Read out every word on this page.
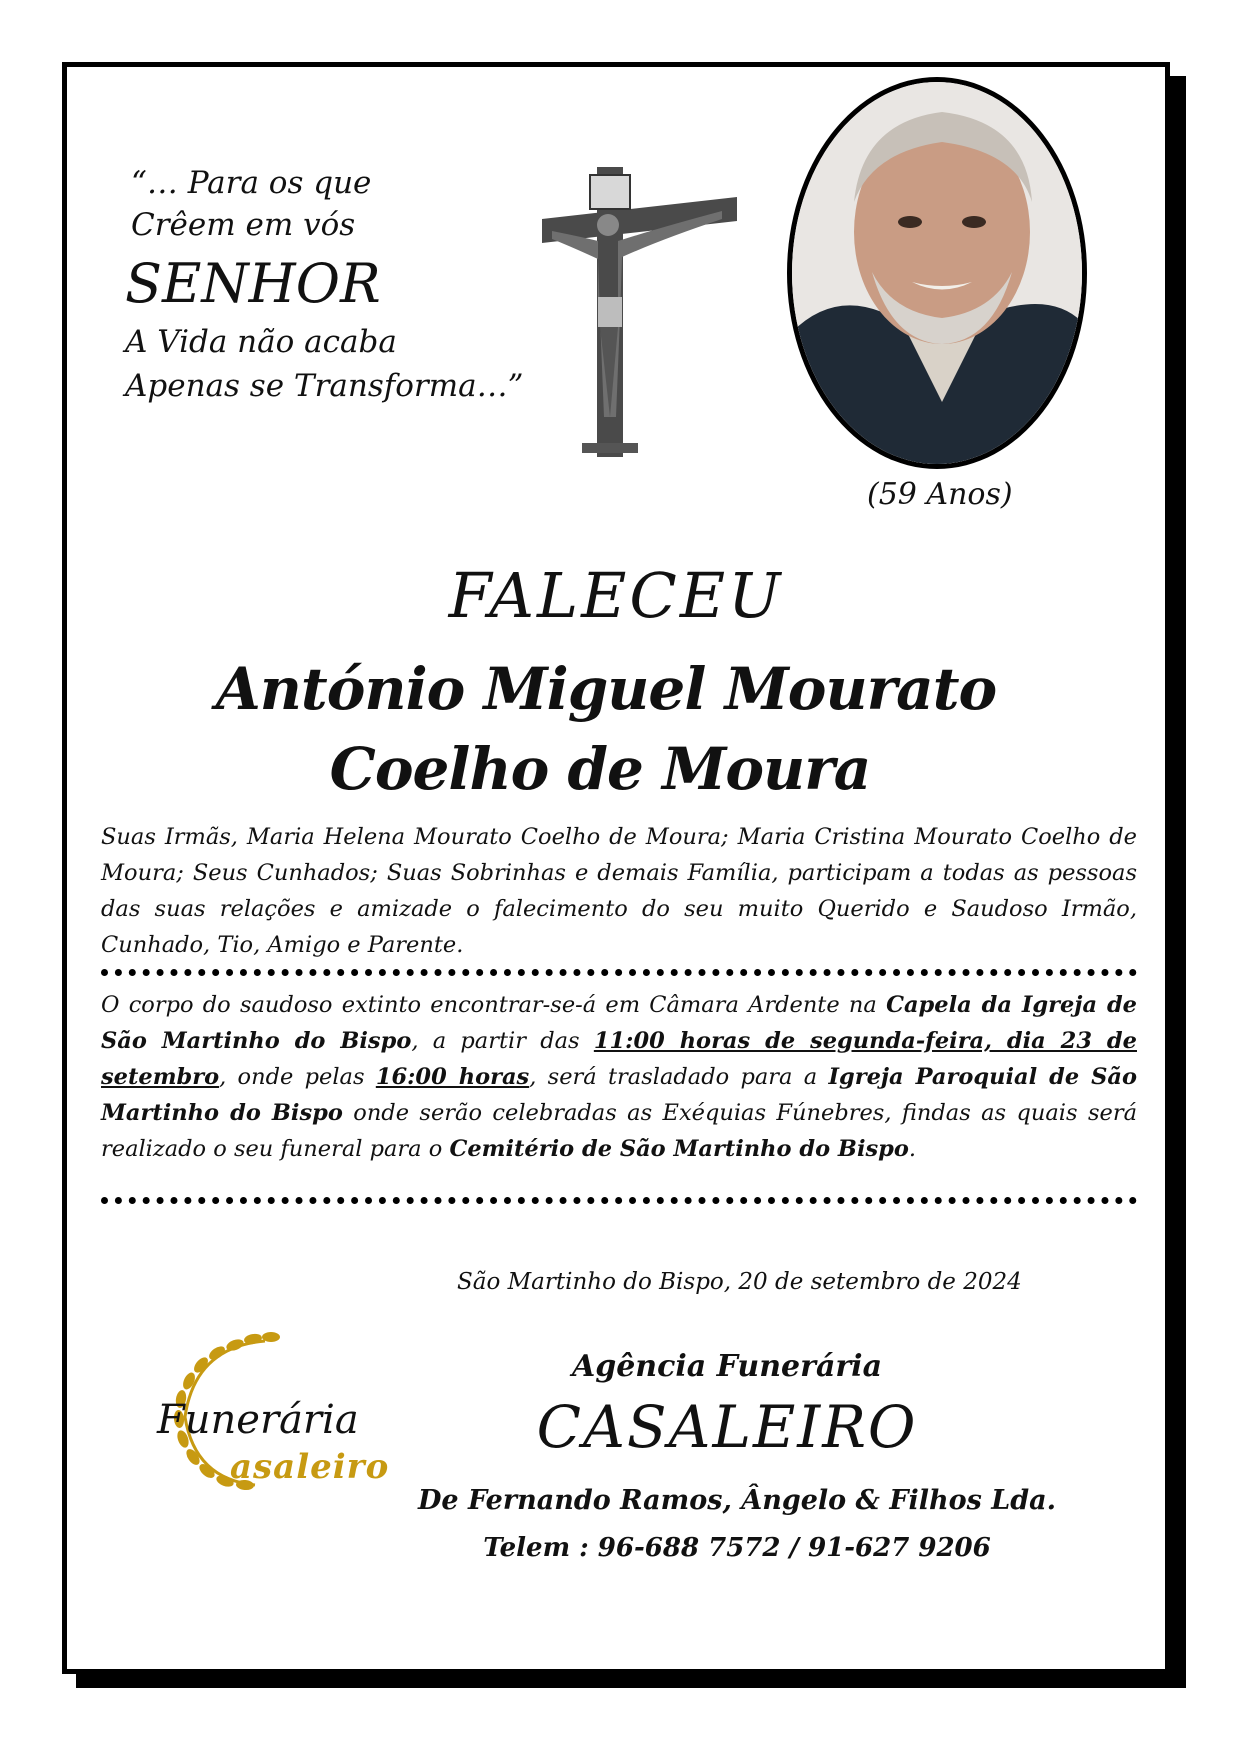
“… Para os que
Crêem em vós
SENHOR
A Vida não acaba
Apenas se Transforma…”
(59 Anos)
FALECEU
António Miguel Mourato
Coelho de Moura
Suas Irmãs, Maria Helena Mourato Coelho de Moura; Maria Cristina Mourato Coelho de Moura; Seus Cunhados; Suas Sobrinhas e demais Família, participam a todas as pessoas das suas relações e amizade o falecimento do seu muito Querido e Saudoso Irmão, Cunhado, Tio, Amigo e Parente.
O corpo do saudoso extinto encontrar-se-á em Câmara Ardente na Capela da Igreja de São Martinho do Bispo, a partir das 11:00 horas de segunda-feira, dia 23 de setembro, onde pelas 16:00 horas, será trasladado para a Igreja Paroquial de São Martinho do Bispo onde serão celebradas as Exéquias Fúnebres, findas as quais será realizado o seu funeral para o Cemitério de São Martinho do Bispo.
São Martinho do Bispo, 20 de setembro de 2024
Funerária
asaleiro
Agência Funerária
CASALEIRO
De Fernando Ramos, Ângelo & Filhos Lda.
Telem : 96-688 7572 / 91-627 9206
